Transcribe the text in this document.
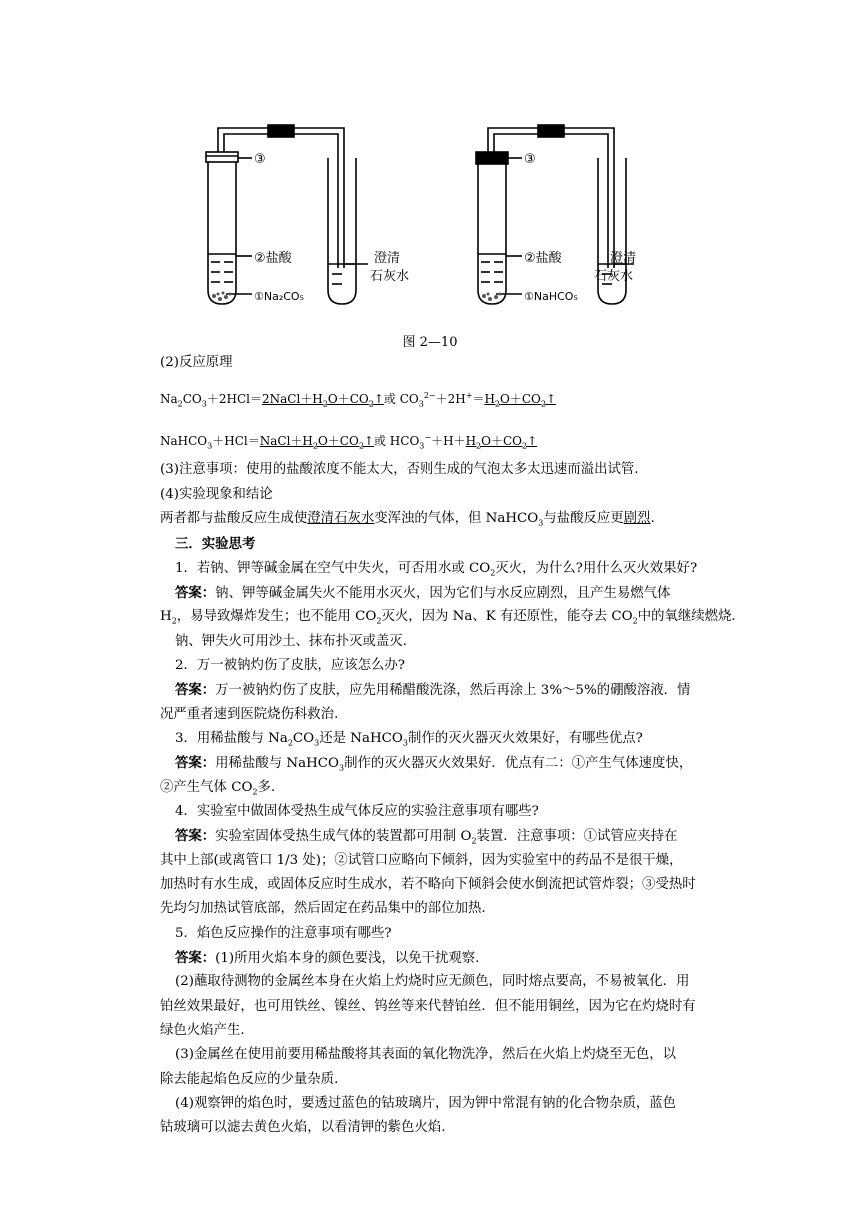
③
②盐酸
①Na₂CO₅
澄清
石灰水
③
②盐酸
①NaHCO₅
澄清
石灰水
图 2—10
(2)反应原理
$Na_2CO_3+2HCl=2NaCl+H_2O+CO_2↑$或 $CO_3^{2-}+2H^+=H_2O+CO_2↑$
$NaHCO_3+HCl=NaCl+H_2O+CO_2↑$或 $HCO_3^-+H+H_2O+CO_2↑$
(3)注意事项：使用的盐酸浓度不能太大，否则生成的气泡太多太迅速而溢出试管.
(4)实验现象和结论
两者都与盐酸反应生成使澄清石灰水变浑浊的气体，但 NaHCO$_3$与盐酸反应更剧烈.
三．实验思考
1．若钠、钾等碱金属在空气中失火，可否用水或 $CO_2$灭火，为什么?用什么灭火效果好?
答案：钠、钾等碱金属失火不能用水灭火，因为它们与水反应剧烈，且产生易燃气体
$H_2$，易导致爆炸发生；也不能用 $CO_2$灭火，因为 Na、K 有还原性，能夺去 $CO_2$中的氧继续燃烧.
钠、钾失火可用沙土、抹布扑灭或盖灭.
2．万一被钠灼伤了皮肤，应该怎么办?
答案：万一被钠灼伤了皮肤，应先用稀醋酸洗涤，然后再涂上 3%～5%的硼酸溶液．情
况严重者速到医院烧伤科救治.
3．用稀盐酸与 $Na_2CO_3$还是 NaHCO$_3$制作的灭火器灭火效果好，有哪些优点?
答案：用稀盐酸与 NaHCO$_3$制作的灭火器灭火效果好．优点有二：①产生气体速度快，
②产生气体 $CO_2$多.
4．实验室中做固体受热生成气体反应的实验注意事项有哪些?
答案：实验室固体受热生成气体的装置都可用制 $O_2$装置．注意事项：①试管应夹持在
其中上部(或离管口 1/3 处)；②试管口应略向下倾斜，因为实验室中的药品不是很干燥，
加热时有水生成，或固体反应时生成水，若不略向下倾斜会使水倒流把试管炸裂；③受热时
先均匀加热试管底部，然后固定在药品集中的部位加热.
5．焰色反应操作的注意事项有哪些?
答案：(1)所用火焰本身的颜色要浅，以免干扰观察.
(2)蘸取待测物的金属丝本身在火焰上灼烧时应无颜色，同时熔点要高，不易被氧化．用
铂丝效果最好，也可用铁丝、镍丝、钨丝等来代替铂丝．但不能用铜丝，因为它在灼烧时有
绿色火焰产生.
(3)金属丝在使用前要用稀盐酸将其表面的氧化物洗净，然后在火焰上灼烧至无色，以
除去能起焰色反应的少量杂质.
(4)观察钾的焰色时，要透过蓝色的钴玻璃片，因为钾中常混有钠的化合物杂质，蓝色
钴玻璃可以滤去黄色火焰，以看清钾的紫色火焰.
